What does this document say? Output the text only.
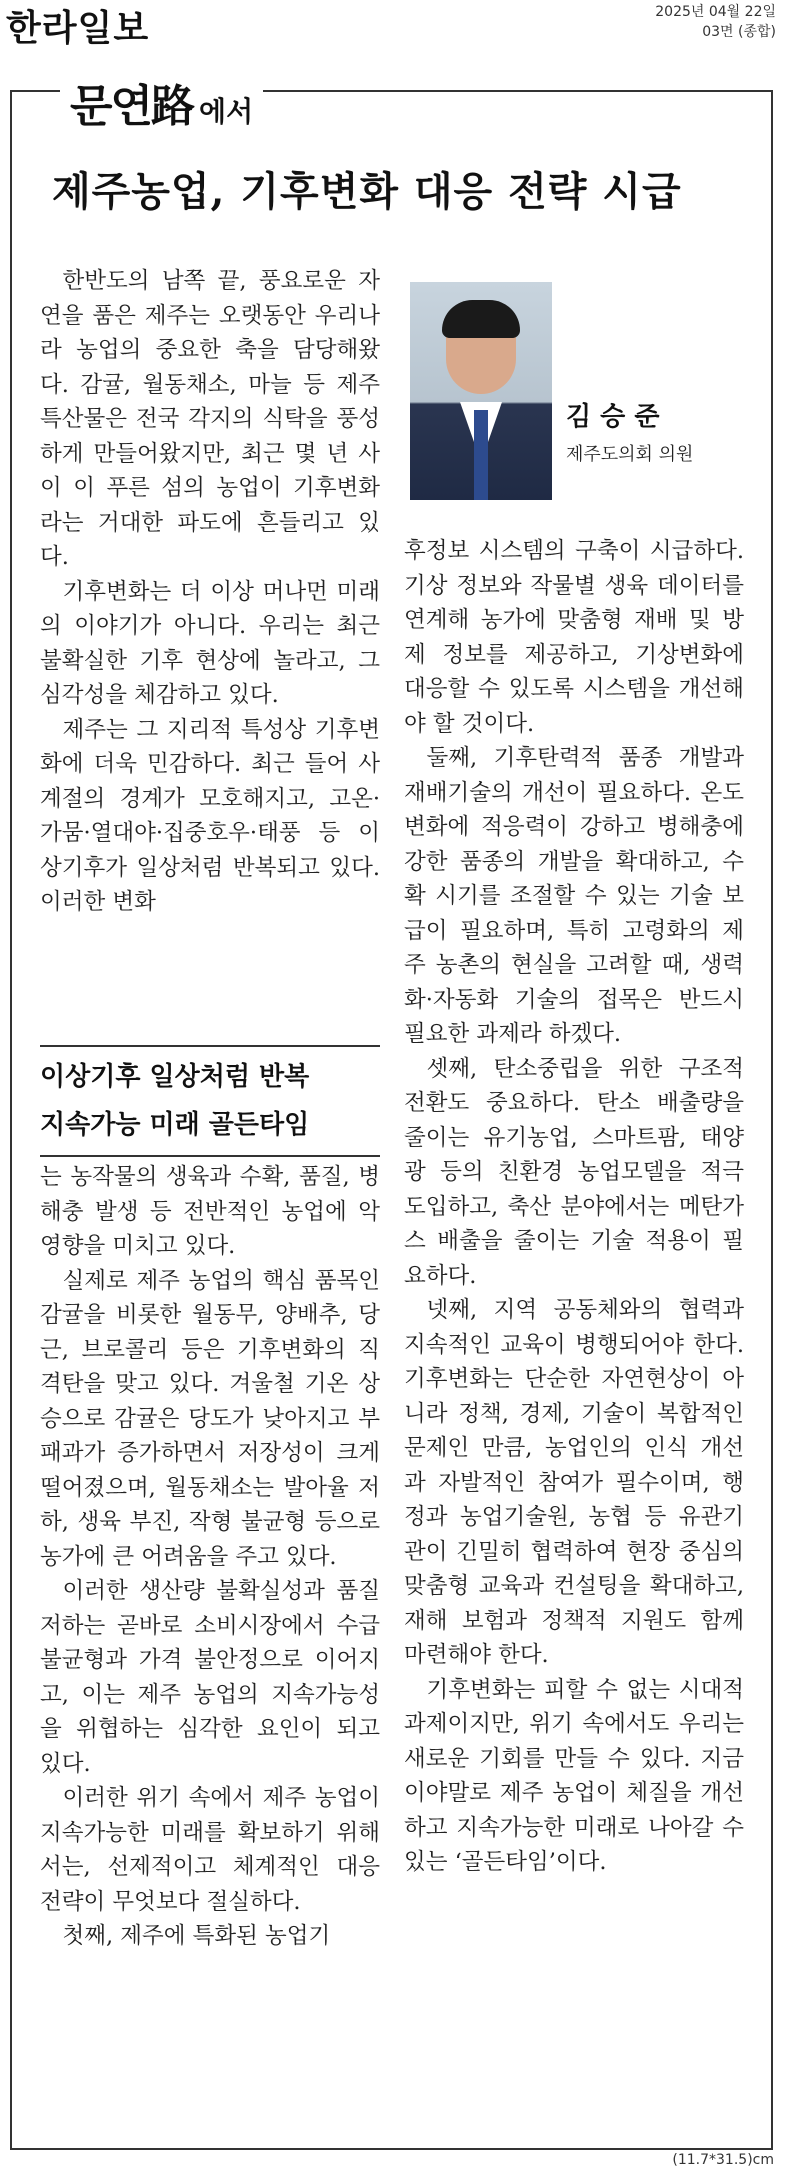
한라일보	2025년 04월 22일
03면 (종합)
문연路 에서
제주농업, 기후변화 대응 전략 시급
김 승 준
제주도의회 의원

한반도의 남쪽 끝, 풍요로운 자연을 품은 제주는 오랫동안 우리나라 농업의 중요한 축을 담당해왔다. 감귤, 월동채소, 마늘 등 제주 특산물은 전국 각지의 식탁을 풍성하게 만들어왔지만, 최근 몇 년 사이 이 푸른 섬의 농업이 기후변화라는 거대한 파도에 흔들리고 있다.

기후변화는 더 이상 머나먼 미래의 이야기가 아니다. 우리는 최근 불확실한 기후 현상에 놀라고, 그 심각성을 체감하고 있다.

제주는 그 지리적 특성상 기후변화에 더욱 민감하다. 최근 들어 사계절의 경계가 모호해지고, 고온·가뭄·열대야·집중호우·태풍 등 이상기후가 일상처럼 반복되고 있다. 이러한 변화

이상기후 일상처럼 반복
지속가능 미래 골든타임

는 농작물의 생육과 수확, 품질, 병해충 발생 등 전반적인 농업에 악영향을 미치고 있다.

실제로 제주 농업의 핵심 품목인 감귤을 비롯한 월동무, 양배추, 당근, 브로콜리 등은 기후변화의 직격탄을 맞고 있다. 겨울철 기온 상승으로 감귤은 당도가 낮아지고 부패과가 증가하면서 저장성이 크게 떨어졌으며, 월동채소는 발아율 저하, 생육 부진, 작형 불균형 등으로 농가에 큰 어려움을 주고 있다.

이러한 생산량 불확실성과 품질 저하는 곧바로 소비시장에서 수급 불균형과 가격 불안정으로 이어지고, 이는 제주 농업의 지속가능성을 위협하는 심각한 요인이 되고 있다.

이러한 위기 속에서 제주 농업이 지속가능한 미래를 확보하기 위해서는, 선제적이고 체계적인 대응 전략이 무엇보다 절실하다.

첫째, 제주에 특화된 농업기

후정보 시스템의 구축이 시급하다. 기상 정보와 작물별 생육 데이터를 연계해 농가에 맞춤형 재배 및 방제 정보를 제공하고, 기상변화에 대응할 수 있도록 시스템을 개선해야 할 것이다.

둘째, 기후탄력적 품종 개발과 재배기술의 개선이 필요하다. 온도 변화에 적응력이 강하고 병해충에 강한 품종의 개발을 확대하고, 수확 시기를 조절할 수 있는 기술 보급이 필요하며, 특히 고령화의 제주 농촌의 현실을 고려할 때, 생력화·자동화 기술의 접목은 반드시 필요한 과제라 하겠다.

셋째, 탄소중립을 위한 구조적 전환도 중요하다. 탄소 배출량을 줄이는 유기농업, 스마트팜, 태양광 등의 친환경 농업모델을 적극 도입하고, 축산 분야에서는 메탄가스 배출을 줄이는 기술 적용이 필요하다.

넷째, 지역 공동체와의 협력과 지속적인 교육이 병행되어야 한다. 기후변화는 단순한 자연현상이 아니라 정책, 경제, 기술이 복합적인 문제인 만큼, 농업인의 인식 개선과 자발적인 참여가 필수이며, 행정과 농업기술원, 농협 등 유관기관이 긴밀히 협력하여 현장 중심의 맞춤형 교육과 컨설팅을 확대하고, 재해 보험과 정책적 지원도 함께 마련해야 한다.

기후변화는 피할 수 없는 시대적 과제이지만, 위기 속에서도 우리는 새로운 기회를 만들 수 있다. 지금이야말로 제주 농업이 체질을 개선하고 지속가능한 미래로 나아갈 수 있는 ‘골든타임’이다.

(11.7*31.5)cm
